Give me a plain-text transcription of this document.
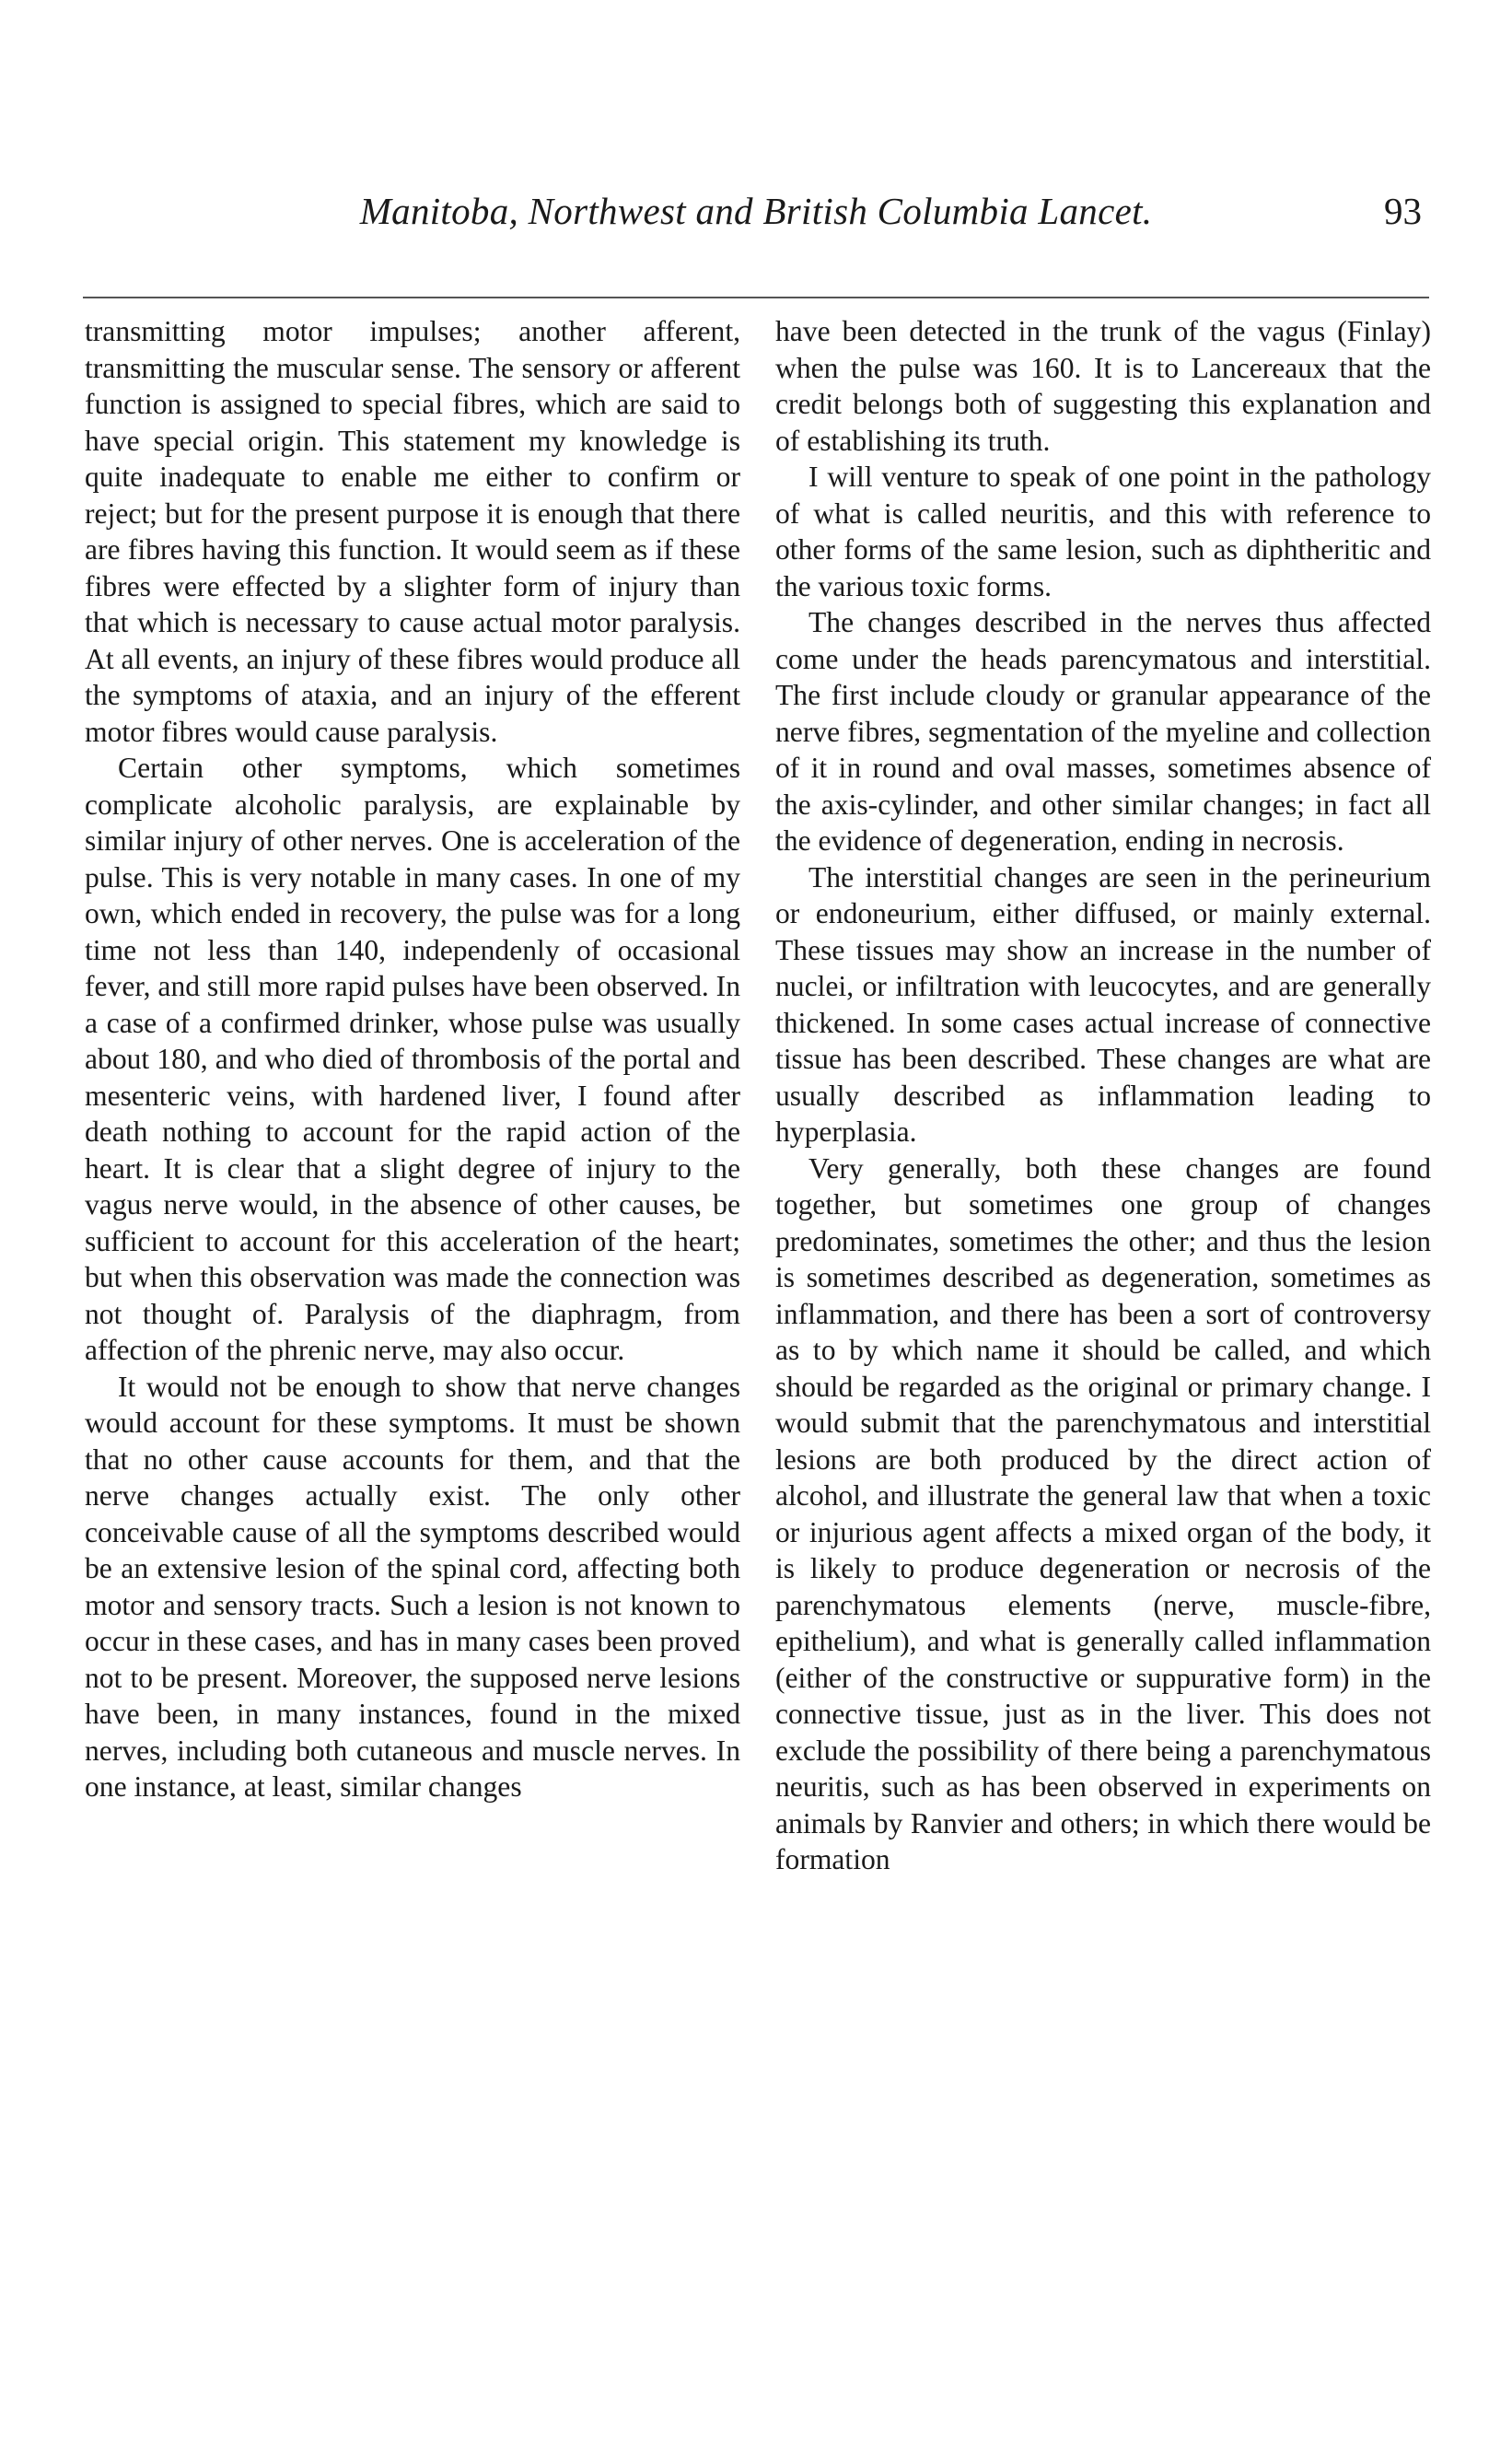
Manitoba, Northwest and British Columbia Lancet.	93

transmitting motor impulses; another afferent, transmitting the muscular sense. The sensory or afferent function is assigned to special fibres, which are said to have special origin. This statement my knowledge is quite inadequate to enable me either to confirm or reject; but for the present purpose it is enough that there are fibres having this function. It would seem as if these fibres were effected by a slighter form of injury than that which is necessary to cause actual motor paralysis. At all events, an injury of these fibres would produce all the symptoms of ataxia, and an injury of the efferent motor fibres would cause paralysis.

Certain other symptoms, which sometimes complicate alcoholic paralysis, are explainable by similar injury of other nerves. One is acceleration of the pulse. This is very notable in many cases. In one of my own, which ended in recovery, the pulse was for a long time not less than 140, independenly of occasional fever, and still more rapid pulses have been observed. In a case of a confirmed drinker, whose pulse was usually about 180, and who died of thrombosis of the portal and mesenteric veins, with hardened liver, I found after death nothing to account for the rapid action of the heart. It is clear that a slight degree of injury to the vagus nerve would, in the absence of other causes, be sufficient to account for this acceleration of the heart; but when this observation was made the connection was not thought of. Paralysis of the diaphragm, from affection of the phrenic nerve, may also occur.

It would not be enough to show that nerve changes would account for these symptoms. It must be shown that no other cause accounts for them, and that the nerve changes actually exist. The only other conceivable cause of all the symptoms described would be an extensive lesion of the spinal cord, affecting both motor and sensory tracts. Such a lesion is not known to occur in these cases, and has in many cases been proved not to be present. Moreover, the supposed nerve lesions have been, in many instances, found in the mixed nerves, including both cutaneous and muscle nerves. In one instance, at least, similar changes

have been detected in the trunk of the vagus (Finlay) when the pulse was 160. It is to Lancereaux that the credit belongs both of suggesting this explanation and of establishing its truth.

I will venture to speak of one point in the pathology of what is called neuritis, and this with reference to other forms of the same lesion, such as diphtheritic and the various toxic forms.

The changes described in the nerves thus affected come under the heads parencymatous and interstitial. The first include cloudy or granular appearance of the nerve fibres, segmentation of the myeline and collection of it in round and oval masses, sometimes absence of the axis-cylinder, and other similar changes; in fact all the evidence of degeneration, ending in necrosis.

The interstitial changes are seen in the perineurium or endoneurium, either diffused, or mainly external. These tissues may show an increase in the number of nuclei, or infiltration with leucocytes, and are generally thickened. In some cases actual increase of connective tissue has been described. These changes are what are usually described as inflammation leading to hyperplasia.

Very generally, both these changes are found together, but sometimes one group of changes predominates, sometimes the other; and thus the lesion is sometimes described as degeneration, sometimes as inflammation, and there has been a sort of controversy as to by which name it should be called, and which should be regarded as the original or primary change. I would submit that the parenchymatous and interstitial lesions are both produced by the direct action of alcohol, and illustrate the general law that when a toxic or injurious agent affects a mixed organ of the body, it is likely to produce degeneration or necrosis of the parenchymatous elements (nerve, muscle-fibre, epithelium), and what is generally called inflammation (either of the constructive or suppurative form) in the connective tissue, just as in the liver. This does not exclude the possibility of there being a parenchymatous neuritis, such as has been observed in experiments on animals by Ranvier and others; in which there would be formation
